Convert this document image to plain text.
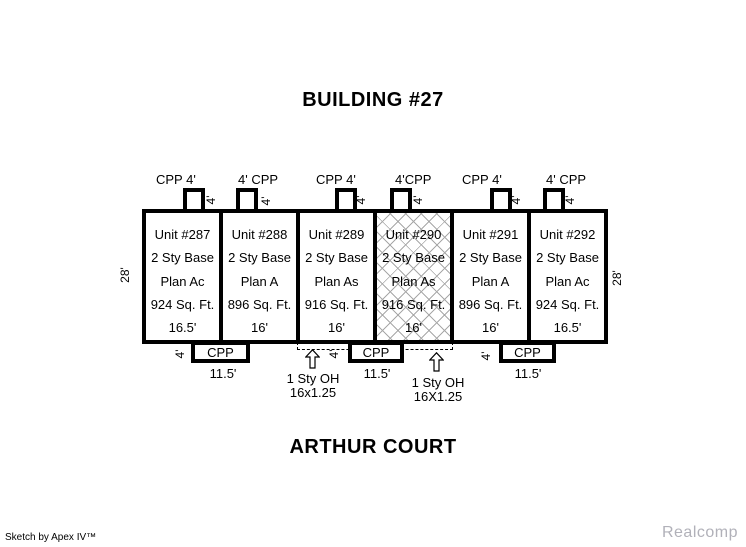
BUILDING #27
CPP 4'	4' CPP	CPP 4'	4'CPP CPP 4'	4' CPP
4'	4'	4'	4'	4'	4'
28'	28'
Unit #287
2 Sty Base
Plan Ac
924 Sq. Ft.
16.5'
Unit #288
2 Sty Base
Plan A
896 Sq. Ft.
16'
Unit #289
2 Sty Base
Plan As
916 Sq. Ft.
16'
Unit #290
2 Sty Base
Plan As
916 Sq. Ft.
16'
Unit #291
2 Sty Base
Plan A
896 Sq. Ft.
16'
Unit #292
2 Sty Base
Plan Ac
924 Sq. Ft.
16.5'
CPP	CPP	CPP
11.5'	11.5'	11.5'
4'	4'	4'
1 Sty OH
16x1.25
1 Sty OH
16X1.25
ARTHUR COURT
Sketch by Apex IV™	Realcomp
